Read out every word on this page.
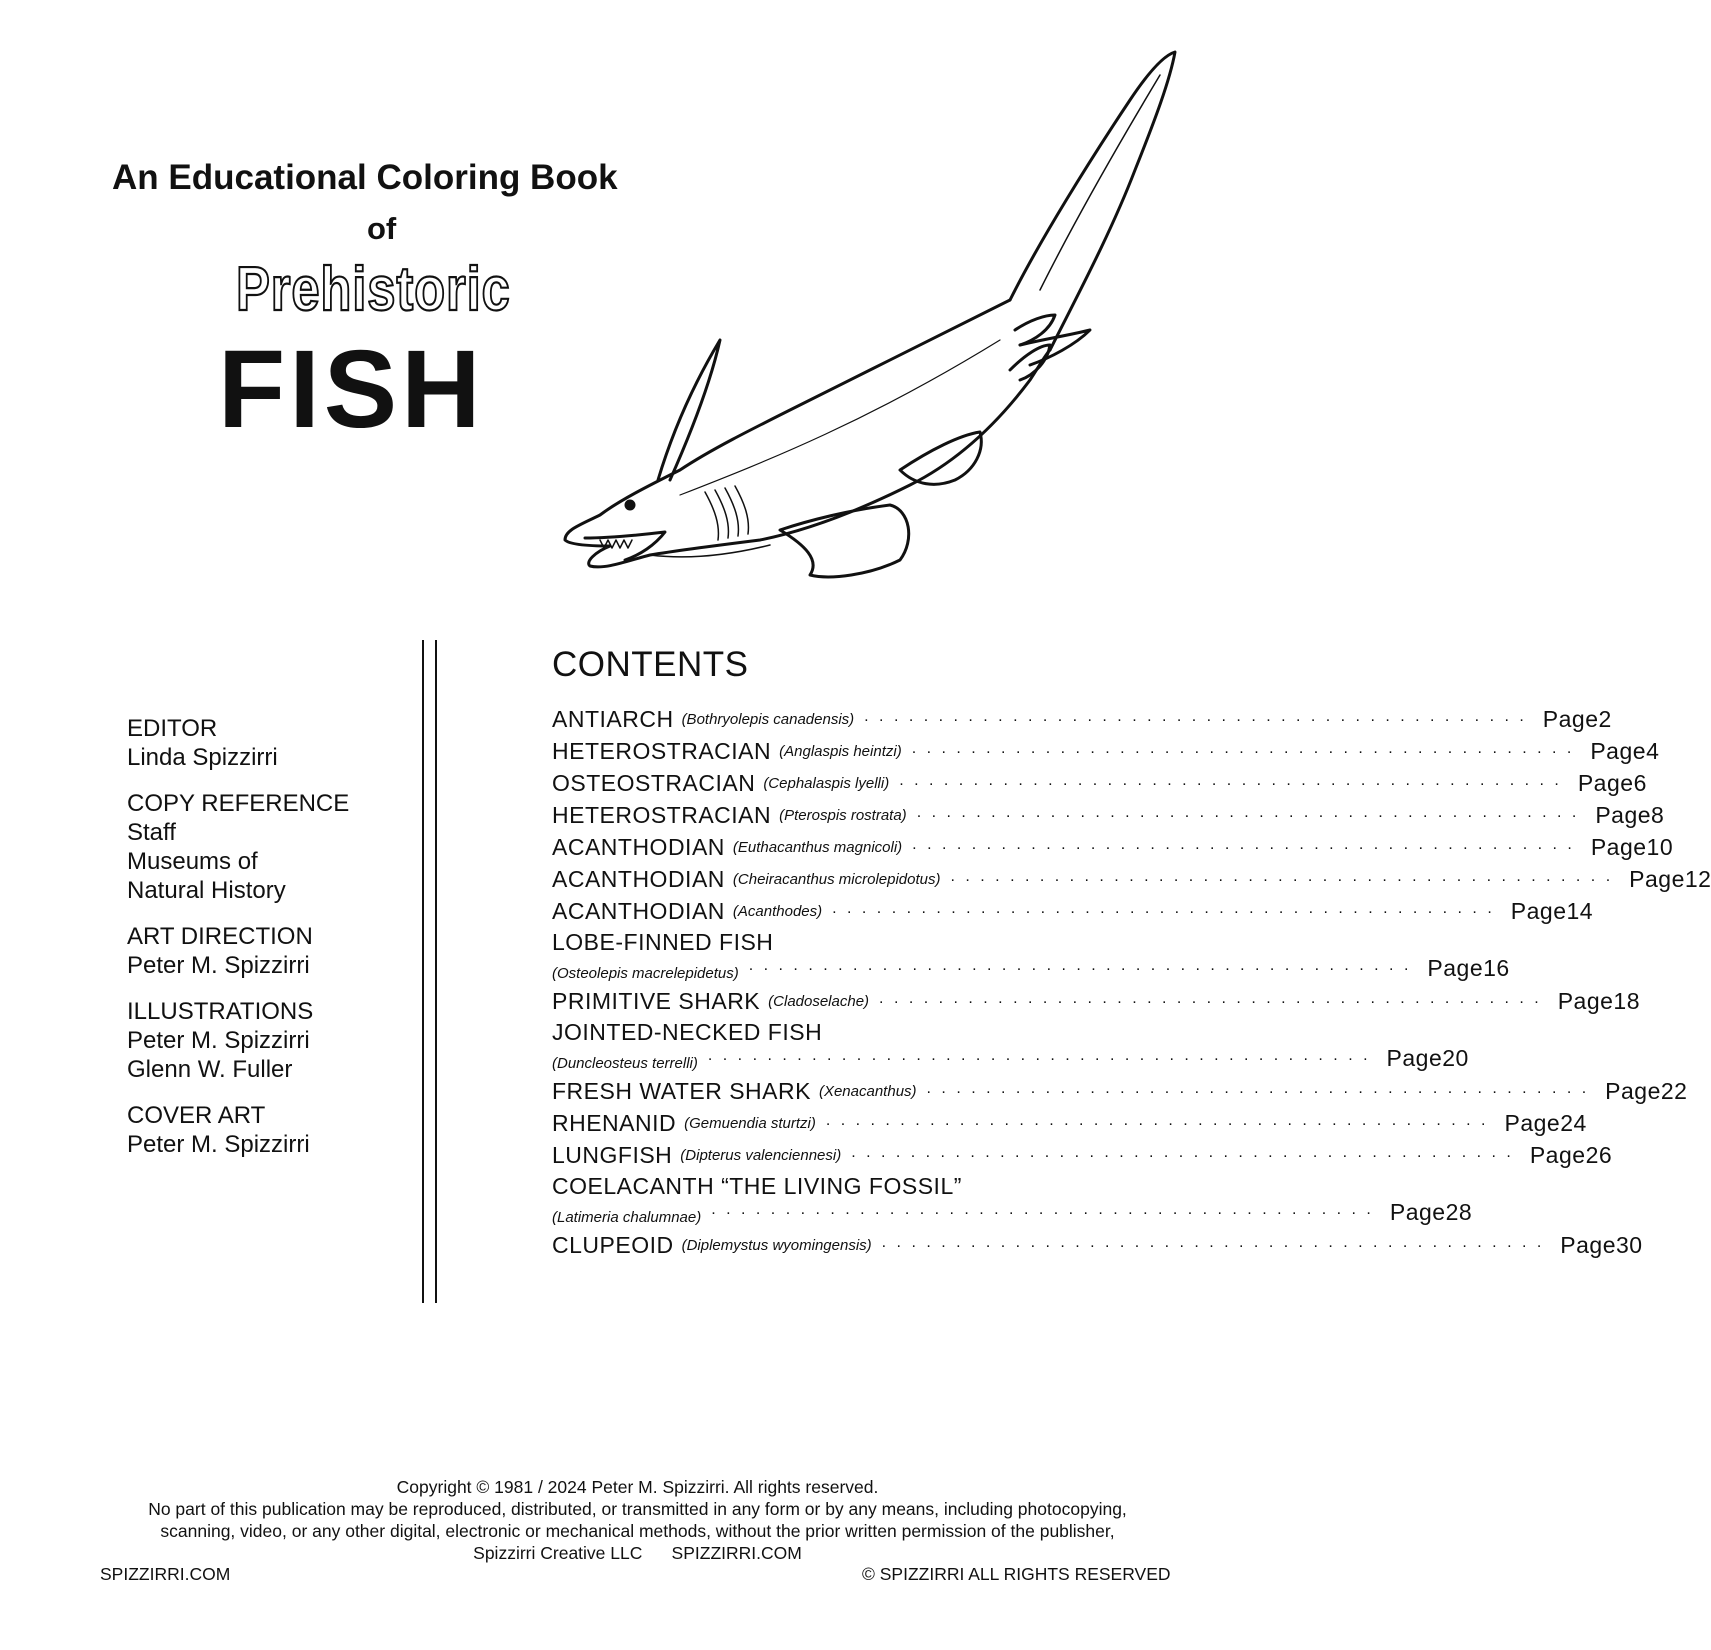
An Educational Coloring Book
of
Prehistoric
FISH
EDITOR
Linda Spizzirri
COPY REFERENCE
Staff
Museums of
Natural History
ART DIRECTION
Peter M. Spizzirri
ILLUSTRATIONS
Peter M. Spizzirri
Glenn W. Fuller
COVER ART
Peter M. Spizzirri
CONTENTS
ANTIARCH (Bothryolepis canadensis) . . . . . . . . . . . . . . . . . . . . . . . . . . . . . . . . . . . . . . . . . . . . . Page 2
HETEROSTRACIAN (Anglaspis heintzi) . . . . . . . . . . . . . . . . . . . . . . . . . . . . . . . . . . . . . . . . . . . . . Page 4
OSTEOSTRACIAN (Cephalaspis lyelli) . . . . . . . . . . . . . . . . . . . . . . . . . . . . . . . . . . . . . . . . . . . . . Page 6
HETEROSTRACIAN (Pterospis rostrata) . . . . . . . . . . . . . . . . . . . . . . . . . . . . . . . . . . . . . . . . . . . . . Page 8
ACANTHODIAN (Euthacanthus magnicoli) . . . . . . . . . . . . . . . . . . . . . . . . . . . . . . . . . . . . . . . . . . . . . Page 10
ACANTHODIAN (Cheiracanthus microlepidotus) . . . . . . . . . . . . . . . . . . . . . . . . . . . . . . . . . . . . . . . . . . . . . Page 12
ACANTHODIAN (Acanthodes) . . . . . . . . . . . . . . . . . . . . . . . . . . . . . . . . . . . . . . . . . . . . . Page 14
LOBE-FINNED FISH
(Osteolepis macrelepidetus) . . . . . . . . . . . . . . . . . . . . . . . . . . . . . . . . . . . . . . . . . . . . . Page 16
PRIMITIVE SHARK (Cladoselache) . . . . . . . . . . . . . . . . . . . . . . . . . . . . . . . . . . . . . . . . . . . . . Page 18
JOINTED-NECKED FISH
(Duncleosteus terrelli) . . . . . . . . . . . . . . . . . . . . . . . . . . . . . . . . . . . . . . . . . . . . . Page 20
FRESH WATER SHARK (Xenacanthus) . . . . . . . . . . . . . . . . . . . . . . . . . . . . . . . . . . . . . . . . . . . . . Page 22
RHENANID (Gemuendia sturtzi) . . . . . . . . . . . . . . . . . . . . . . . . . . . . . . . . . . . . . . . . . . . . . Page 24
LUNGFISH (Dipterus valenciennesi) . . . . . . . . . . . . . . . . . . . . . . . . . . . . . . . . . . . . . . . . . . . . . Page 26
COELACANTH “THE LIVING FOSSIL”
(Latimeria chalumnae) . . . . . . . . . . . . . . . . . . . . . . . . . . . . . . . . . . . . . . . . . . . . . Page 28
CLUPEOID (Diplemystus wyomingensis) . . . . . . . . . . . . . . . . . . . . . . . . . . . . . . . . . . . . . . . . . . . . . Page 30
Copyright © 1981 / 2024 Peter M. Spizzirri. All rights reserved.
No part of this publication may be reproduced, distributed, or transmitted in any form or by any means, including photocopying,
scanning, video, or any other digital, electronic or mechanical methods, without the prior written permission of the publisher,
Spizzirri Creative LLC      SPIZZIRRI.COM
SPIZZIRRI.COM	© SPIZZIRRI ALL RIGHTS RESERVED
